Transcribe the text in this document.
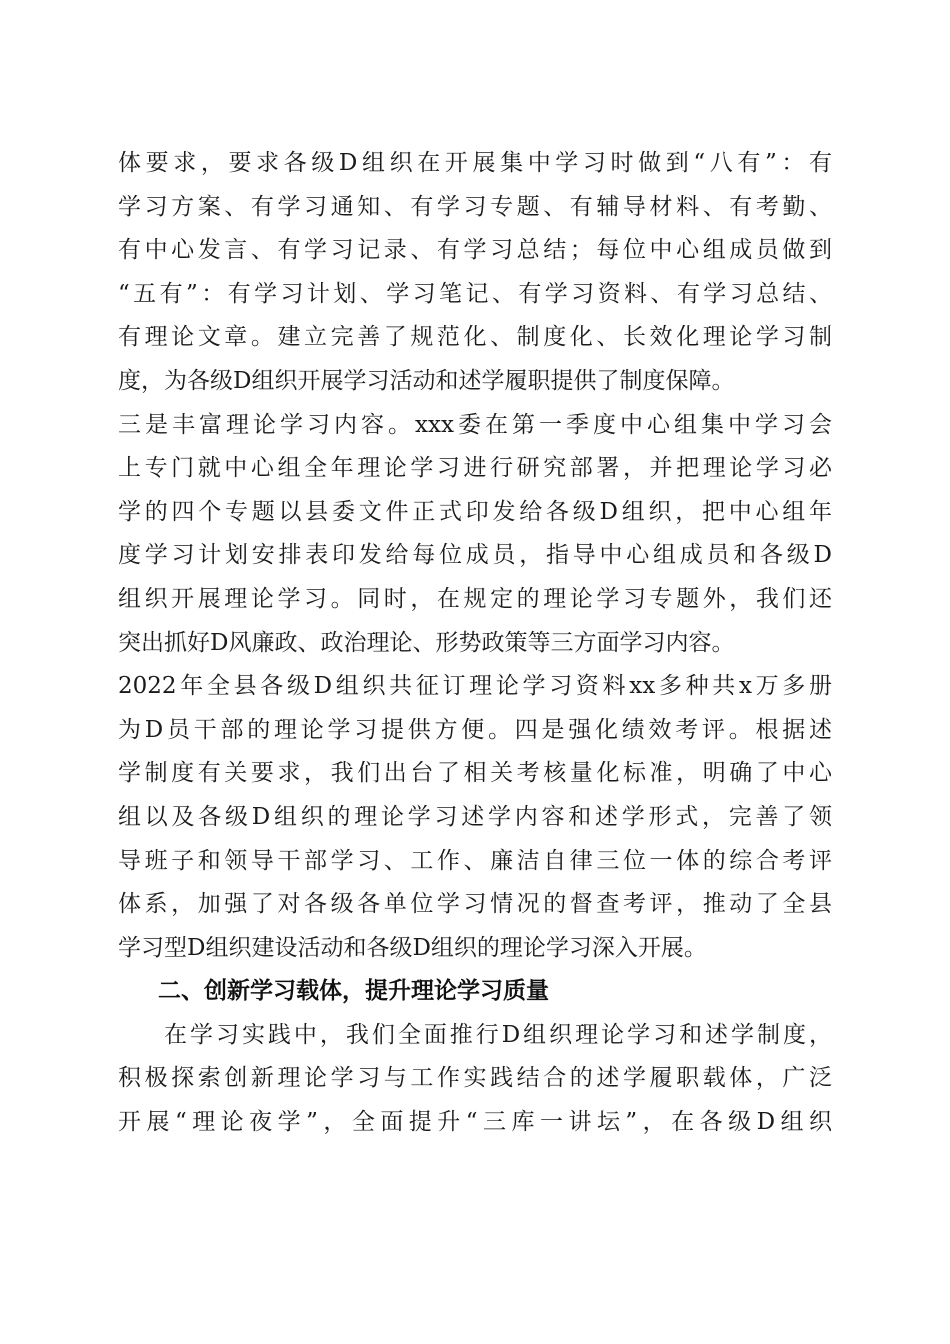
体要求，要求各级D组织在开展集中学习时做到“八有”：有
学习方案、有学习通知、有学习专题、有辅导材料、有考勤、
有中心发言、有学习记录、有学习总结；每位中心组成员做到
“五有”：有学习计划、学习笔记、有学习资料、有学习总结、
有理论文章。建立完善了规范化、制度化、长效化理论学习制
度，为各级D组织开展学习活动和述学履职提供了制度保障。
三是丰富理论学习内容。xxx委在第一季度中心组集中学习会
上专门就中心组全年理论学习进行研究部署，并把理论学习必
学的四个专题以县委文件正式印发给各级D组织，把中心组年
度学习计划安排表印发给每位成员，指导中心组成员和各级D
组织开展理论学习。同时，在规定的理论学习专题外，我们还
突出抓好D风廉政、政治理论、形势政策等三方面学习内容。
2022年全县各级D组织共征订理论学习资料xx多种共x万多册
为D员干部的理论学习提供方便。四是强化绩效考评。根据述
学制度有关要求，我们出台了相关考核量化标准，明确了中心
组以及各级D组织的理论学习述学内容和述学形式，完善了领
导班子和领导干部学习、工作、廉洁自律三位一体的综合考评
体系，加强了对各级各单位学习情况的督查考评，推动了全县
学习型D组织建设活动和各级D组织的理论学习深入开展。
二、创新学习载体，提升理论学习质量
在学习实践中，我们全面推行D组织理论学习和述学制度，
积极探索创新理论学习与工作实践结合的述学履职载体，广泛
开展“理论夜学”，全面提升“三库一讲坛”，在各级D组织
